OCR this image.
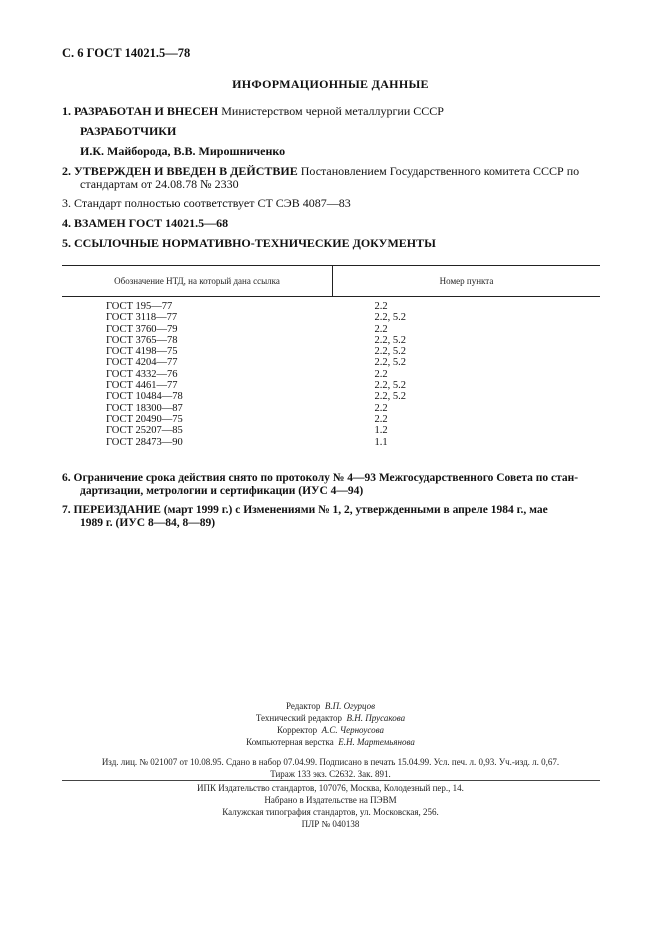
С. 6 ГОСТ 14021.5—78
ИНФОРМАЦИОННЫЕ ДАННЫЕ
1. РАЗРАБОТАН И ВНЕСЕН Министерством черной металлургии СССР
РАЗРАБОТЧИКИ
И.К. Майборода, В.В. Мирошниченко
2. УТВЕРЖДЕН И ВВЕДЕН В ДЕЙСТВИЕ Постановлением Государственного комитета СССР по
стандартам от 24.08.78 № 2330
3. Стандарт полностью соответствует СТ СЭВ 4087—83
4. ВЗАМЕН ГОСТ 14021.5—68
5. ССЫЛОЧНЫЕ НОРМАТИВНО-ТЕХНИЧЕСКИЕ ДОКУМЕНТЫ
Обозначение НТД, на который дана ссылка	Номер пункта
ГОСТ 195—77	2.2
ГОСТ 3118—77	2.2, 5.2
ГОСТ 3760—79	2.2
ГОСТ 3765—78	2.2, 5.2
ГОСТ 4198—75	2.2, 5.2
ГОСТ 4204—77	2.2, 5.2
ГОСТ 4332—76	2.2
ГОСТ 4461—77	2.2, 5.2
ГОСТ 10484—78	2.2, 5.2
ГОСТ 18300—87	2.2
ГОСТ 20490—75	2.2
ГОСТ 25207—85	1.2
ГОСТ 28473—90	1.1
6. Ограничение срока действия снято по протоколу № 4—93 Межгосударственного Совета по стан-
дартизации, метрологии и сертификации (ИУС 4—94)
7. ПЕРЕИЗДАНИЕ (март 1999 г.) с Изменениями № 1, 2, утвержденными в апреле 1984 г., мае
1989 г. (ИУС 8—84, 8—89)
Редактор В.П. Огурцов
Технический редактор В.Н. Прусакова
Корректор А.С. Черноусова
Компьютерная верстка Е.Н. Мартемьянова
Изд. лиц. № 021007 от 10.08.95. Сдано в набор 07.04.99. Подписано в печать 15.04.99. Усл. печ. л. 0,93. Уч.-изд. л. 0,67.
Тираж 133 экз. С2632. Зак. 891.
ИПК Издательство стандартов, 107076, Москва, Колодезный пер., 14.
Набрано в Издательстве на ПЭВМ
Калужская типография стандартов, ул. Московская, 256.
ПЛР № 040138
